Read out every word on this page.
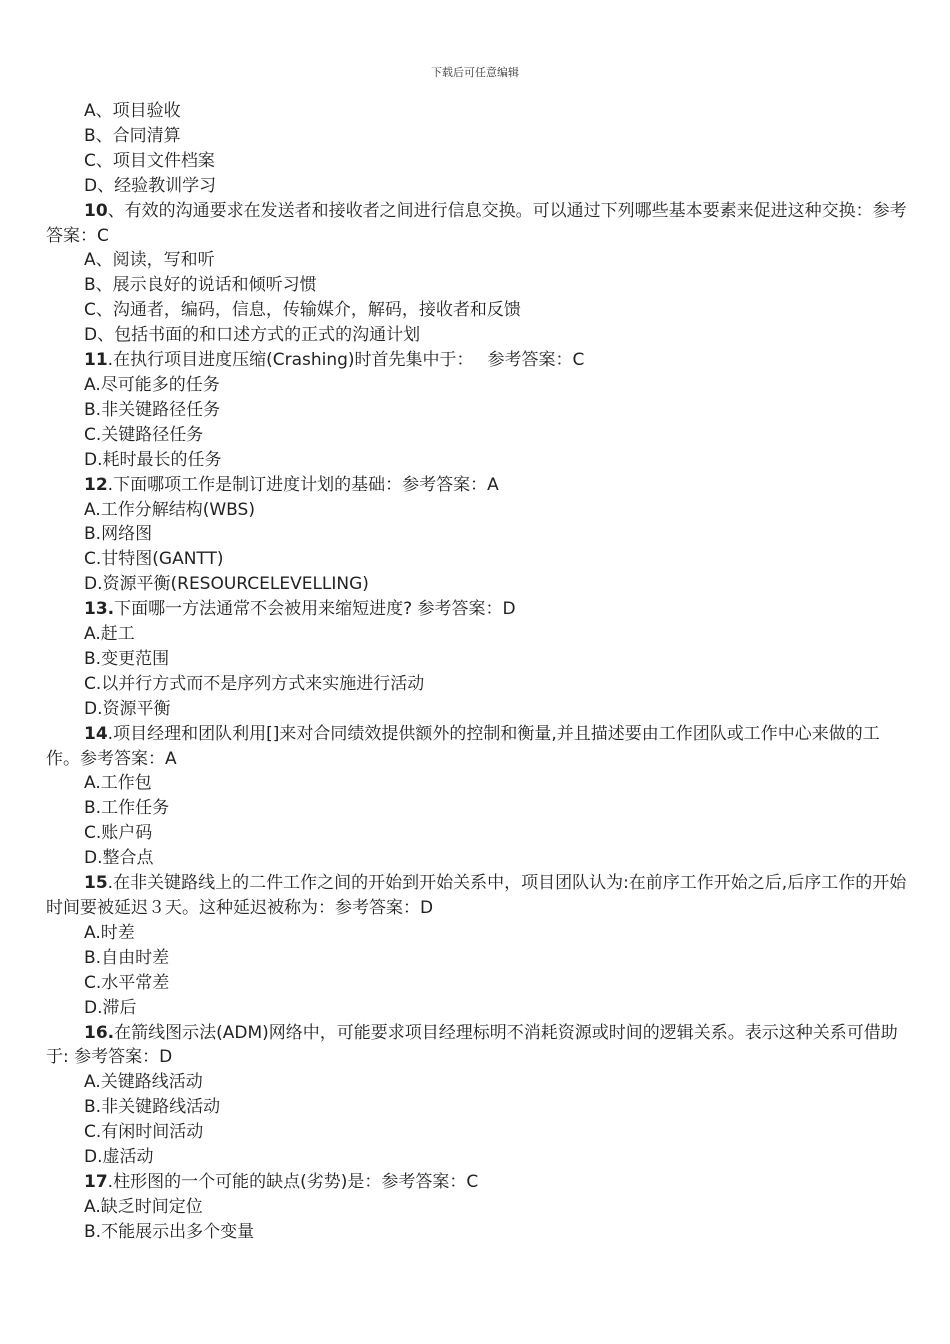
下载后可任意编辑
A、项目验收
B、合同清算
C、项目文件档案
D、经验教训学习
10、有效的沟通要求在发送者和接收者之间进行信息交换。可以通过下列哪些基本要素来促进这种交换：参考答案：C
A、阅读，写和听
B、展示良好的说话和倾听习惯
C、沟通者，编码，信息，传输媒介，解码，接收者和反馈
D、包括书面的和口述方式的正式的沟通计划
11.在执行项目进度压缩(Crashing)时首先集中于：　 参考答案：C
A.尽可能多的任务
B.非关键路径任务
C.关键路径任务
D.耗时最长的任务
12.下面哪项工作是制订进度计划的基础：参考答案：A
A.工作分解结构(WBS)
B.网络图
C.甘特图(GANTT)
D.资源平衡(RESOURCELEVELLING)
13.下面哪一方法通常不会被用来缩短进度? 参考答案：D
A.赶工
B.变更范围
C.以并行方式而不是序列方式来实施进行活动
D.资源平衡
14.项目经理和团队利用[]来对合同绩效提供额外的控制和衡量,并且描述要由工作团队或工作中心来做的工作。参考答案：A
A.工作包
B.工作任务
C.账户码
D.整合点
15.在非关键路线上的二件工作之间的开始到开始关系中，项目团队认为:在前序工作开始之后,后序工作的开始时间要被延迟３天。这种延迟被称为：参考答案：D
A.时差
B.自由时差
C.水平常差
D.滞后
16.在箭线图示法(ADM)网络中，可能要求项目经理标明不消耗资源或时间的逻辑关系。表示这种关系可借助于: 参考答案：D
A.关键路线活动
B.非关键路线活动
C.有闲时间活动
D.虚活动
17.柱形图的一个可能的缺点(劣势)是：参考答案：C
A.缺乏时间定位
B.不能展示出多个变量
